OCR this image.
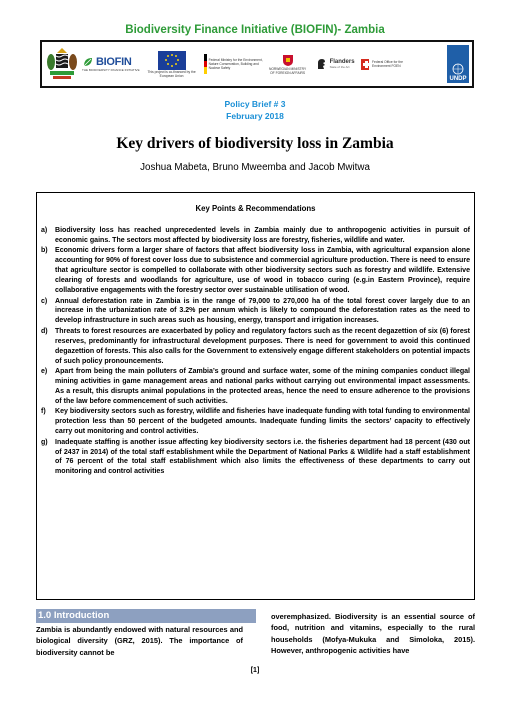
Biodiversity Finance Initiative (BIOFIN)- Zambia
BIOFIN
THE BIODIVERSITY FINANCE INITIATIVE	This project is co-financed by the European Union
Federal Ministry for the Environment, Nature Conservation, Building and Nuclear Safety	NORWEGIAN MINISTRY OF FOREIGN AFFAIRS
Flanders
State of the Art
Federal Office for the Environment FOEN
UNDP
Policy Brief # 3
February 2018
Key drivers of biodiversity loss in Zambia
Joshua Mabeta, Bruno Mweemba and Jacob Mwitwa
Key Points & Recommendations
a)	Biodiversity loss has reached unprecedented levels in Zambia mainly due to anthropogenic activities in pursuit of economic gains. The sectors most affected by biodiversity loss are forestry, fisheries, wildlife and water.
b)	Economic drivers form a larger share of factors that affect biodiversity loss in Zambia, with agricultural expansion alone accounting for 90% of forest cover loss due to subsistence and commercial agriculture production. There is need to ensure that agriculture sector is compelled to collaborate with other biodiversity sectors such as forestry and wildlife. Extensive clearing of forests and woodlands for agriculture, use of wood in tobacco curing (e.g.in Eastern Province), require collaborative engagements with the forestry sector over sustainable utilisation of wood.
c)	Annual deforestation rate in Zambia is in the range of 79,000 to 270,000 ha of the total forest cover largely due to an increase in the urbanization rate of 3.2% per annum which is likely to compound the deforestation rates as the need to develop infrastructure in such areas such as housing, energy, transport and irrigation increases.
d)	Threats to forest resources are exacerbated by policy and regulatory factors such as the recent degazettion of six (6) forest reserves, predominantly for infrastructural development purposes. There is need for government to avoid this continued degazettion of forests. This also calls for the Government to extensively engage different stakeholders on potential impacts of such policy pronouncements.
e)	Apart from being the main polluters of Zambia’s ground and surface water, some of the mining companies conduct illegal mining activities in game management areas and national parks without carrying out environmental impact assessments. As a result, this disrupts animal populations in the protected areas, hence the need to ensure adherence to the provisions of the law before commencement of such activities.
f)	Key biodiversity sectors such as forestry, wildlife and fisheries have inadequate funding with total funding to environmental protection less than 50 percent of the budgeted amounts. Inadequate funding limits the sectors’ capacity to effectively carry out monitoring and control activities.
g)	Inadequate staffing is another issue affecting key biodiversity sectors i.e. the fisheries department had 18 percent (430 out of 2437 in 2014) of the total staff establishment while the Department of National Parks & Wildlife had a staff establishment of 76 percent of the total staff establishment which also limits the effectiveness of these departments to carry out monitoring and control activities
1.0 Introduction
Zambia is abundantly endowed with natural resources and biological diversity (GRZ, 2015). The importance of biodiversity cannot be
overemphasized. Biodiversity is an essential source of food, nutrition and vitamins, especially to the rural households (Mofya-Mukuka and Simoloka, 2015). However, anthropogenic activities have
[1]
